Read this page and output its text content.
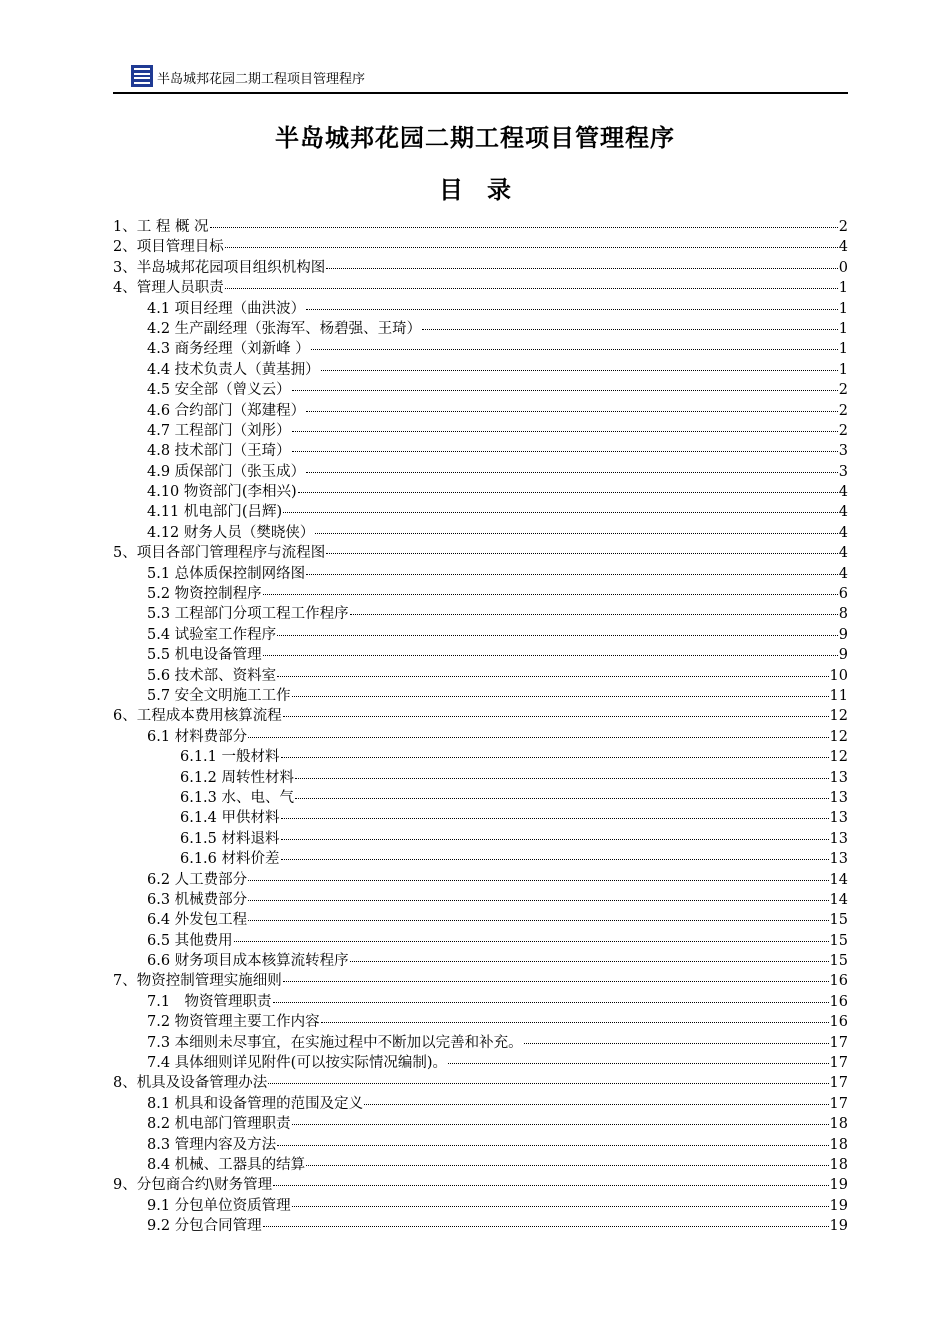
半岛城邦花园二期工程项目管理程序
半岛城邦花园二期工程项目管理程序
目　录
1、工 程 概 况	2
2、项目管理目标	4
3、半岛城邦花园项目组织机构图	0
4、管理人员职责	1
4.1 项目经理（曲洪波）	1
4.2 生产副经理（张海军、杨碧强、王琦）	1
4.3 商务经理（刘新峰 ）	1
4.4 技术负责人（黄基拥）	1
4.5 安全部（曾义云）	2
4.6 合约部门（郑建程）	2
4.7 工程部门（刘彤）	2
4.8 技术部门（王琦）	3
4.9 质保部门（张玉成）	3
4.10 物资部门(李相兴)	4
4.11 机电部门(吕辉)	4
4.12 财务人员（樊晓侠）	4
5、项目各部门管理程序与流程图	4
5.1 总体质保控制网络图	4
5.2 物资控制程序	6
5.3 工程部门分项工程工作程序	8
5.4 试验室工作程序	9
5.5 机电设备管理	9
5.6 技术部、资料室	10
5.7 安全文明施工工作	11
6、工程成本费用核算流程	12
6.1 材料费部分	12
6.1.1 一般材料	12
6.1.2 周转性材料	13
6.1.3 水、电、气	13
6.1.4 甲供材料	13
6.1.5 材料退料	13
6.1.6 材料价差	13
6.2 人工费部分	14
6.3 机械费部分	14
6.4 外发包工程	15
6.5 其他费用	15
6.6 财务项目成本核算流转程序	15
7、物资控制管理实施细则	16
7.1　物资管理职责	16
7.2 物资管理主要工作内容	16
7.3 本细则未尽事宜，在实施过程中不断加以完善和补充。	17
7.4 具体细则详见附件(可以按实际情况编制)。	17
8、机具及设备管理办法	17
8.1 机具和设备管理的范围及定义	17
8.2 机电部门管理职责	18
8.3 管理内容及方法	18
8.4 机械、工器具的结算	18
9、分包商合约\财务管理	19
9.1 分包单位资质管理	19
9.2 分包合同管理	19
